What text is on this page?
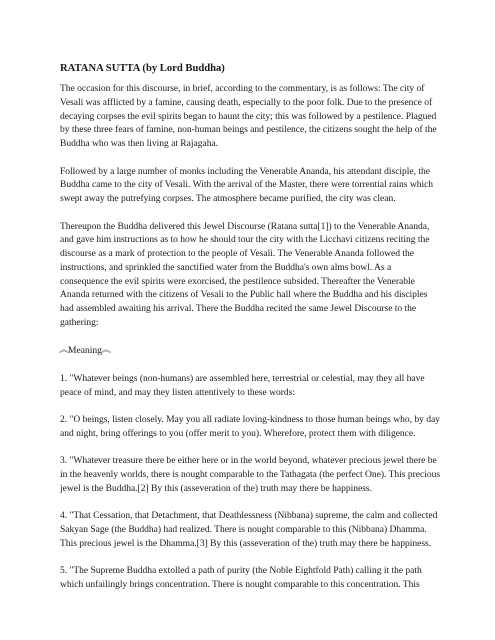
RATANA SUTTA (by Lord Buddha)

The occasion for this discourse, in brief, according to the commentary, is as follows: The city of Vesali was afflicted by a famine, causing death, especially to the poor folk. Due to the presence of decaying corpses the evil spirits began to haunt the city; this was followed by a pestilence. Plagued by these three fears of famine, non-human beings and pestilence, the citizens sought the help of the Buddha who was then living at Rajagaha.

Followed by a large number of monks including the Venerable Ananda, his attendant disciple, the Buddha came to the city of Vesali. With the arrival of the Master, there were torrential rains which swept away the putrefying corpses. The atmosphere became purified, the city was clean.

Thereupon the Buddha delivered this Jewel Discourse (Ratana sutta[1]) to the Venerable Ananda, and gave him instructions as to how he should tour the city with the Licchavi citizens reciting the discourse as a mark of protection to the people of Vesali. The Venerable Ananda followed the instructions, and sprinkled the sanctified water from the Buddha's own alms bowl. As a consequence the evil spirits were exorcised, the pestilence subsided. Thereafter the Venerable Ananda returned with the citizens of Vesali to the Public hall where the Buddha and his disciples had assembled awaiting his arrival. There the Buddha recited the same Jewel Discourse to the gathering:

︽Meaning︽

1. "Whatever beings (non-humans) are assembled here, terrestrial or celestial, may they all have peace of mind, and may they listen attentively to these words:

2. "O beings, listen closely. May you all radiate loving-kindness to those human beings who, by day and night, bring offerings to you (offer merit to you). Wherefore, protect them with diligence.

3. "Whatever treasure there be either here or in the world beyond, whatever precious jewel there be in the heavenly worlds, there is nought comparable to the Tathagata (the perfect One). This precious jewel is the Buddha.[2] By this (asseveration of the) truth may there be happiness.

4. "That Cessation, that Detachment, that Deathlessness (Nibbana) supreme, the calm and collected Sakyan Sage (the Buddha) had realized. There is nought comparable to this (Nibbana) Dhamma. This precious jewel is the Dhamma.[3] By this (asseveration of the) truth may there be happiness.

5. "The Supreme Buddha extolled a path of purity (the Noble Eightfold Path) calling it the path which unfailingly brings concentration. There is nought comparable to this concentration. This
